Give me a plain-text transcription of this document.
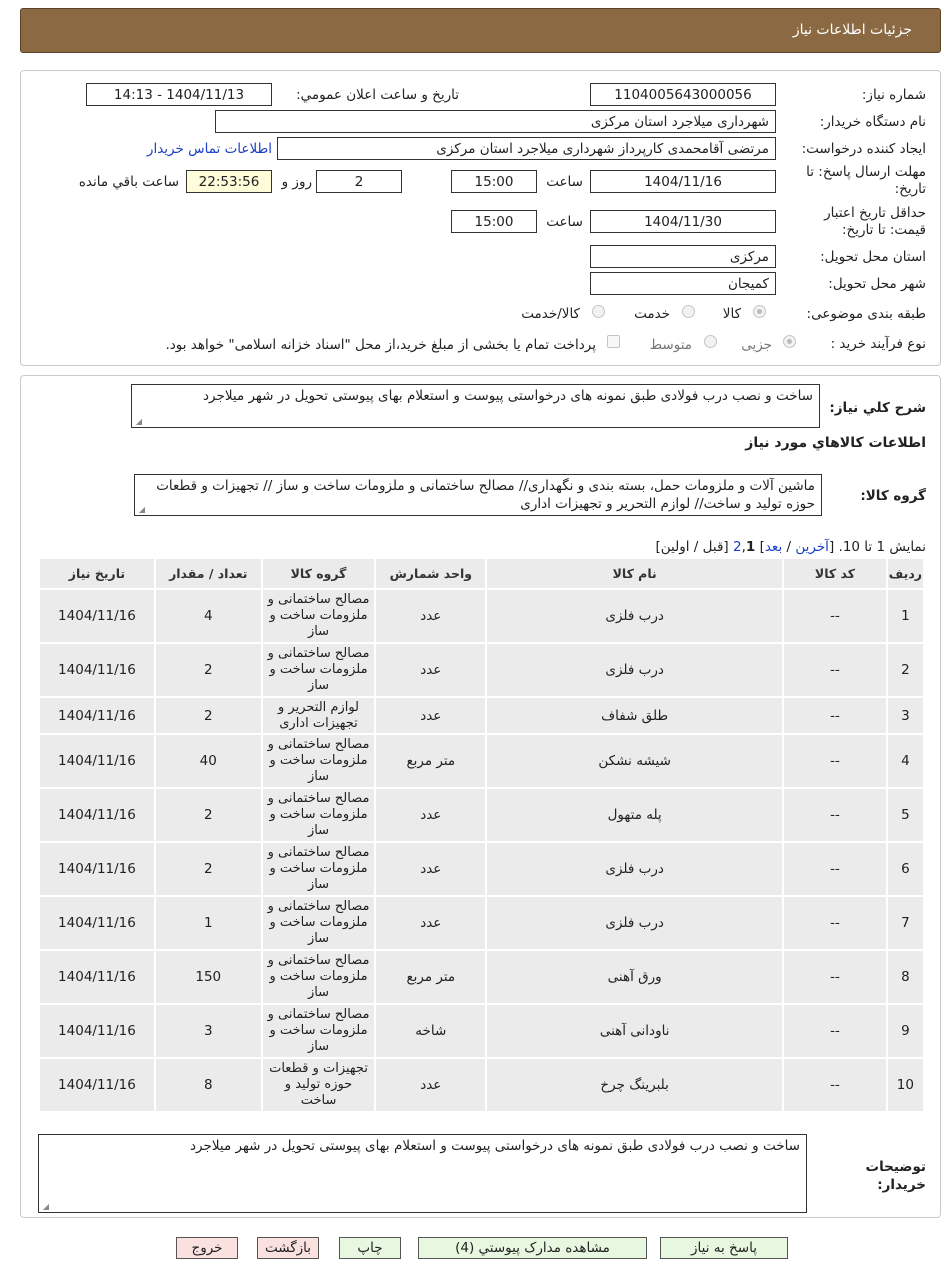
جزئیات اطلاعات نیاز
شماره نیاز:
1104005643000056
تاریخ و ساعت اعلان عمومي:
1404/11/13 - 14:13
نام دستگاه خریدار:
شهرداری میلاجرد استان مرکزی
ایجاد کننده درخواست:
مرتضی آقامحمدی کارپرداز شهرداری میلاجرد استان مرکزی
اطلاعات تماس خریدار
مهلت ارسال پاسخ: تا تاریخ:
1404/11/16
ساعت
15:00
2
روز و
22:53:56
ساعت باقي مانده
حداقل تاریخ اعتبار قیمت: تا تاریخ:
1404/11/30
ساعت
15:00
استان محل تحویل:
مرکزی
شهر محل تحویل:
کمیجان
طبقه بندی موضوعی:
کالا
خدمت
کالا/خدمت
نوع فرآیند خرید :
جزیی
متوسط
پرداخت تمام یا بخشی از مبلغ خرید،از محل "اسناد خزانه اسلامی" خواهد بود.
شرح کلي نیاز:
ساخت و نصب درب فولادی طبق نمونه های درخواستی پیوست و استعلام بهای پیوستی تحویل در شهر میلاجرد
◢
اطلاعات کالاهاي مورد نیاز
گروه کالا:
ماشین آلات و ملزومات حمل، بسته بندی و نگهداری// مصالح ساختمانی و ملزومات ساخت و ساز // تجهیزات و قطعات حوزه تولید و ساخت// لوازم التحریر و تجهیزات اداری
◢
نمایش 1 تا 10. [آخرین / بعد] 2,1 [قبل / اولین]
ردیف	کد کالا	نام کالا	واحد شمارش	گروه کالا	تعداد / مقدار	تاریخ نیاز
1	--	درب فلزی	عدد	مصالح ساختمانی و ملزومات ساخت و ساز	4	1404/11/16
2	--	درب فلزی	عدد	مصالح ساختمانی و ملزومات ساخت و ساز	2	1404/11/16
3	--	طلق شفاف	عدد	لوازم التحریر و تجهیزات اداری	2	1404/11/16
4	--	شیشه نشکن	متر مربع	مصالح ساختمانی و ملزومات ساخت و ساز	40	1404/11/16
5	--	پله متهول	عدد	مصالح ساختمانی و ملزومات ساخت و ساز	2	1404/11/16
6	--	درب فلزی	عدد	مصالح ساختمانی و ملزومات ساخت و ساز	2	1404/11/16
7	--	درب فلزی	عدد	مصالح ساختمانی و ملزومات ساخت و ساز	1	1404/11/16
8	--	ورق آهنی	متر مربع	مصالح ساختمانی و ملزومات ساخت و ساز	150	1404/11/16
9	--	ناودانی آهنی	شاخه	مصالح ساختمانی و ملزومات ساخت و ساز	3	1404/11/16
10	--	بلبرینگ چرخ	عدد	تجهیزات و قطعات حوزه تولید و ساخت	8	1404/11/16
توضیحات خریدار:
ساخت و نصب درب فولادی طبق نمونه های درخواستی پیوست و استعلام بهای پیوستی تحویل در شهر میلاجرد
◢
پاسخ به نیاز
مشاهده مدارک پیوستي (4)
چاپ
بازگشت
خروج
